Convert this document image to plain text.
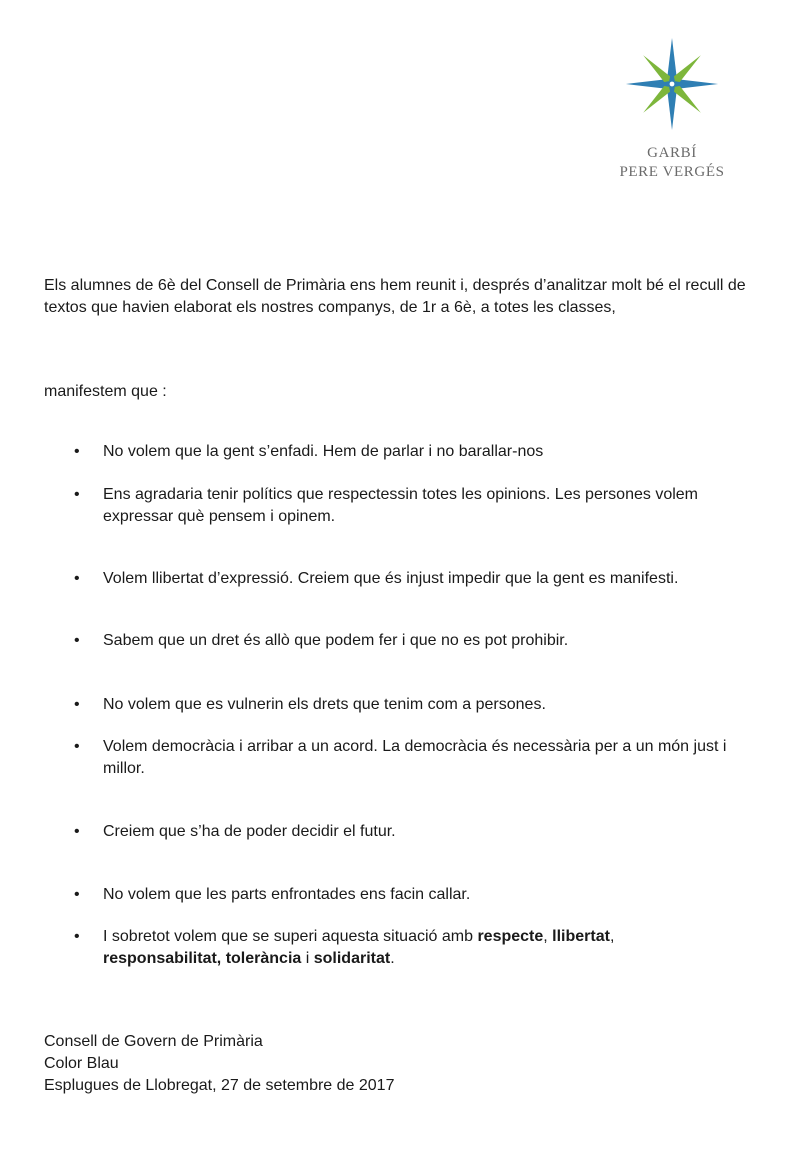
GARBÍ
PERE VERGÉS

Els alumnes de 6è del Consell de Primària ens hem reunit i, després d’analitzar molt bé el recull de textos que havien elaborat els nostres companys, de 1r a 6è, a totes les classes,

manifestem que :

•	No volem que la gent s’enfadi. Hem de parlar i no barallar-nos
•	Ens agradaria tenir polítics que respectessin totes les opinions. Les persones volem expressar què pensem i opinem.
•	Volem llibertat d’expressió. Creiem que és injust impedir que la gent es manifesti.
•	Sabem que un dret és allò que podem fer i que no es pot prohibir.
•	No volem que es vulnerin els drets que tenim com a persones.
•	Volem democràcia i arribar a un acord. La democràcia és necessària per a un món just i millor.
•	Creiem que s’ha de poder decidir el futur.
•	No volem que les parts enfrontades ens facin callar.
•	I sobretot volem que se superi aquesta situació amb respecte, llibertat, responsabilitat, tolerància i solidaritat.
Consell de Govern de Primària
Color Blau
Esplugues de Llobregat, 27 de setembre de 2017
